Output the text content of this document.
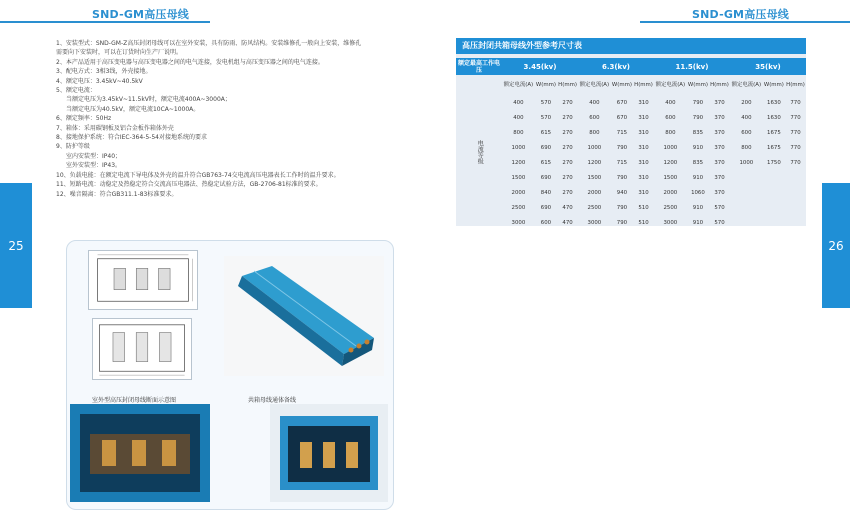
SND-GM高压母线	SND-GM高压母线
25	26
1、安装型式：SND-GM-Z高压封闭母线可以在室外安装，具有防雨、防风结构。安装维修孔一般向上安装，维修孔
需要向下安装时，可以在订货时向生产厂说明。
2、本产品适用于高压变电器与高压变电器之间的电气连接，发电机组与高压变压器之间的电气连接。
3、配电方式：3相3线，外壳接地。
4、额定电压：3.45kV~40.5kV
5、额定电流：
当额定电压为3.45kV~11.5kV时，额定电流400A~3000A；
当额定电压为40.5kV，额定电流10CA~1000A。
6、额定频率：50Hz
7、箱体：采用碳钢板及铝合金板作箱体外壳
8、接地保护系统：符合IEC-364-5-54对接地系统的要求
9、防护等级
室内安装型：IP40；
室外安装型：IP43。
10、负载电能：在额定电流下导电体及外壳的温升符合GB763-74交电流高压电器表长工作时的温升要求。
11、短路电流：动稳定及热稳定符合交流高压电器法、热稳定试验方法，GB-2706-81标准的要求。
12、噪音隔离：符合GB311.1-83标准要求。
室外型高压封闭母线断面示意图	共箱母线通体备线
高压封闭共箱母线外型参考尺寸表
额定最高工作电压	3.45(kv)			6.3(kv)			11.5(kv)			35(kv)		
电流等级	额定电流(A)	W(mm)	H(mm)	额定电流(A)	W(mm)	H(mm)	额定电流(A)	W(mm)	H(mm)	额定电流(A)	W(mm)	H(mm)
	400	570	270	400	670	310	400	790	370	200	1630	770
	400	570	270	600	670	310	600	790	370	400	1630	770
	800	615	270	800	715	310	800	835	370	600	1675	770
	1000	690	270	1000	790	310	1000	910	370	800	1675	770
	1200	615	270	1200	715	310	1200	835	370	1000	1750	770
	1500	690	270	1500	790	310	1500	910	370			
	2000	840	270	2000	940	310	2000	1060	370			
	2500	690	470	2500	790	510	2500	910	570			
	3000	600	470	3000	790	510	3000	910	570			
